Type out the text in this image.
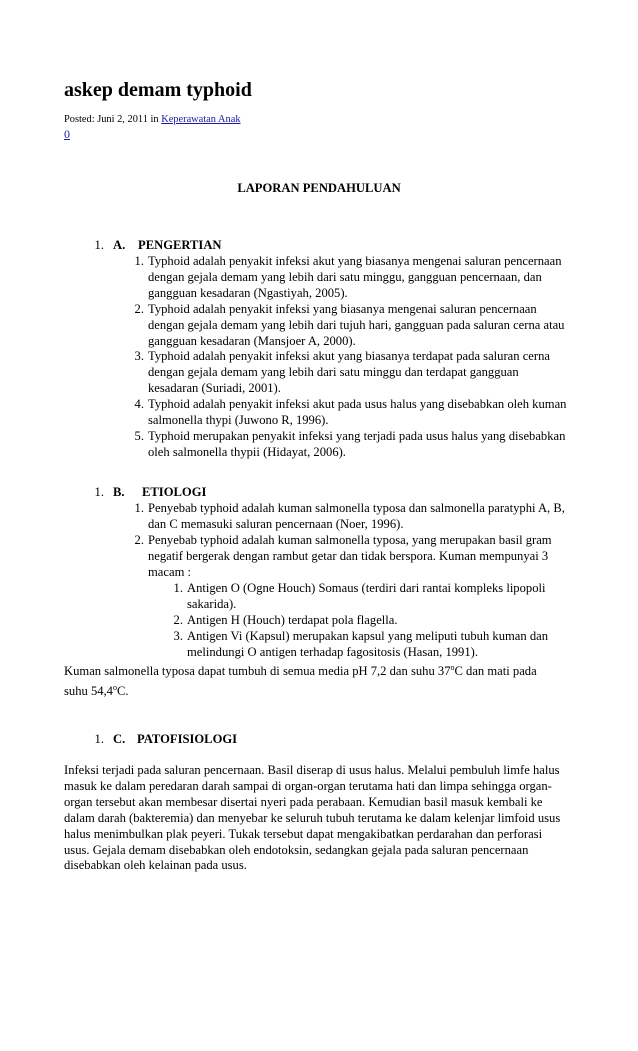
askep demam typhoid
Posted: Juni 2, 2011 in Keperawatan Anak
0
LAPORAN PENDAHULUAN
1. A. PENGERTIAN
1. Typhoid adalah penyakit infeksi akut yang biasanya mengenai saluran pencernaan dengan gejala demam yang lebih dari satu minggu, gangguan pencernaan, dan gangguan kesadaran (Ngastiyah, 2005).
2. Typhoid adalah penyakit infeksi yang biasanya mengenai saluran pencernaan dengan gejala demam yang lebih dari tujuh hari, gangguan pada saluran cerna atau gangguan kesadaran (Mansjoer A, 2000).
3. Typhoid adalah penyakit infeksi akut yang biasanya terdapat pada saluran cerna dengan gejala demam yang lebih dari satu minggu dan terdapat gangguan kesadaran (Suriadi, 2001).
4. Typhoid adalah penyakit infeksi akut pada usus halus yang disebabkan oleh kuman salmonella thypi (Juwono R, 1996).
5. Typhoid merupakan penyakit infeksi yang terjadi pada usus halus yang disebabkan oleh salmonella thypii (Hidayat, 2006).
1. B. ETIOLOGI
1. Penyebab typhoid adalah kuman salmonella typosa dan salmonella paratyphi A, B, dan C memasuki saluran pencernaan (Noer, 1996).
2. Penyebab typhoid adalah kuman salmonella typosa, yang merupakan basil gram negatif bergerak dengan rambut getar dan tidak berspora. Kuman mempunyai 3 macam :
1. Antigen O (Ogne Houch) Somaus (terdiri dari rantai kompleks lipopoli sakarida).
2. Antigen H (Houch) terdapat pola flagella.
3. Antigen Vi (Kapsul) merupakan kapsul yang meliputi tubuh kuman dan melindungi O antigen terhadap fagositosis (Hasan, 1991).
Kuman salmonella typosa dapat tumbuh di semua media pH 7,2 dan suhu 37$^o$C dan mati pada suhu 54,4$^o$C.
1. C. PATOFISIOLOGI
Infeksi terjadi pada saluran pencernaan. Basil diserap di usus halus. Melalui pembuluh limfe halus masuk ke dalam peredaran darah sampai di organ-organ terutama hati dan limpa sehingga organ-organ tersebut akan membesar disertai nyeri pada perabaan. Kemudian basil masuk kembali ke dalam darah (bakteremia) dan menyebar ke seluruh tubuh terutama ke dalam kelenjar limfoid usus halus menimbulkan plak peyeri. Tukak tersebut dapat mengakibatkan perdarahan dan perforasi usus. Gejala demam disebabkan oleh endotoksin, sedangkan gejala pada saluran pencernaan disebabkan oleh kelainan pada usus.
